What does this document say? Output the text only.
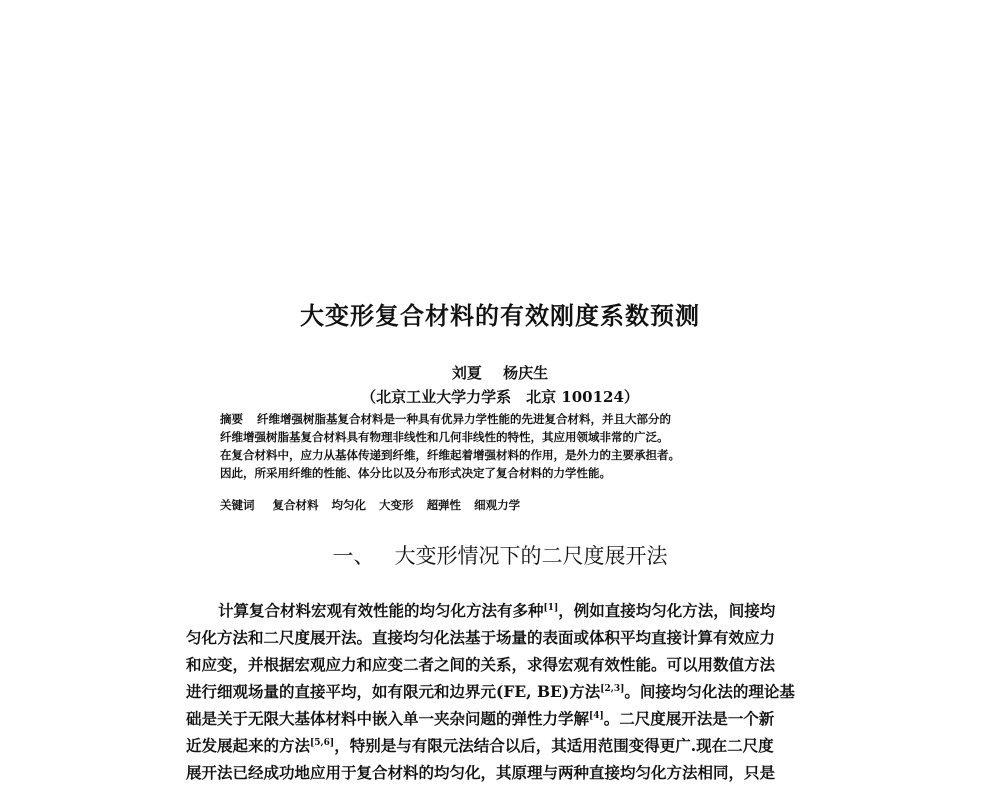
大变形复合材料的有效刚度系数预测
刘夏 杨庆生
（北京工业大学力学系　北京 100124）

摘要 纤维增强树脂基复合材料是一种具有优异力学性能的先进复合材料，并且大部分的

纤维增强树脂基复合材料具有物理非线性和几何非线性的特性，其应用领域非常的广泛。

在复合材料中，应力从基体传递到纤维，纤维起着增强材料的作用，是外力的主要承担者。

因此，所采用纤维的性能、体分比以及分布形式决定了复合材料的力学性能。

关键词 复合材料 均匀化 大变形 超弹性 细观力学
一、 大变形情况下的二尺度展开法

计算复合材料宏观有效性能的均匀化方法有多种[1]，例如直接均匀化方法，间接均

匀化方法和二尺度展开法。直接均匀化法基于场量的表面或体积平均直接计算有效应力

和应变，并根据宏观应力和应变二者之间的关系，求得宏观有效性能。可以用数值方法

进行细观场量的直接平均，如有限元和边界元(FE, BE)方法[2,3]。间接均匀化法的理论基

础是关于无限大基体材料中嵌入单一夹杂问题的弹性力学解[4]。二尺度展开法是一个新

近发展起来的方法[5,6]，特别是与有限元法结合以后，其适用范围变得更广.现在二尺度

展开法已经成功地应用于复合材料的均匀化，其原理与两种直接均匀化方法相同，只是
